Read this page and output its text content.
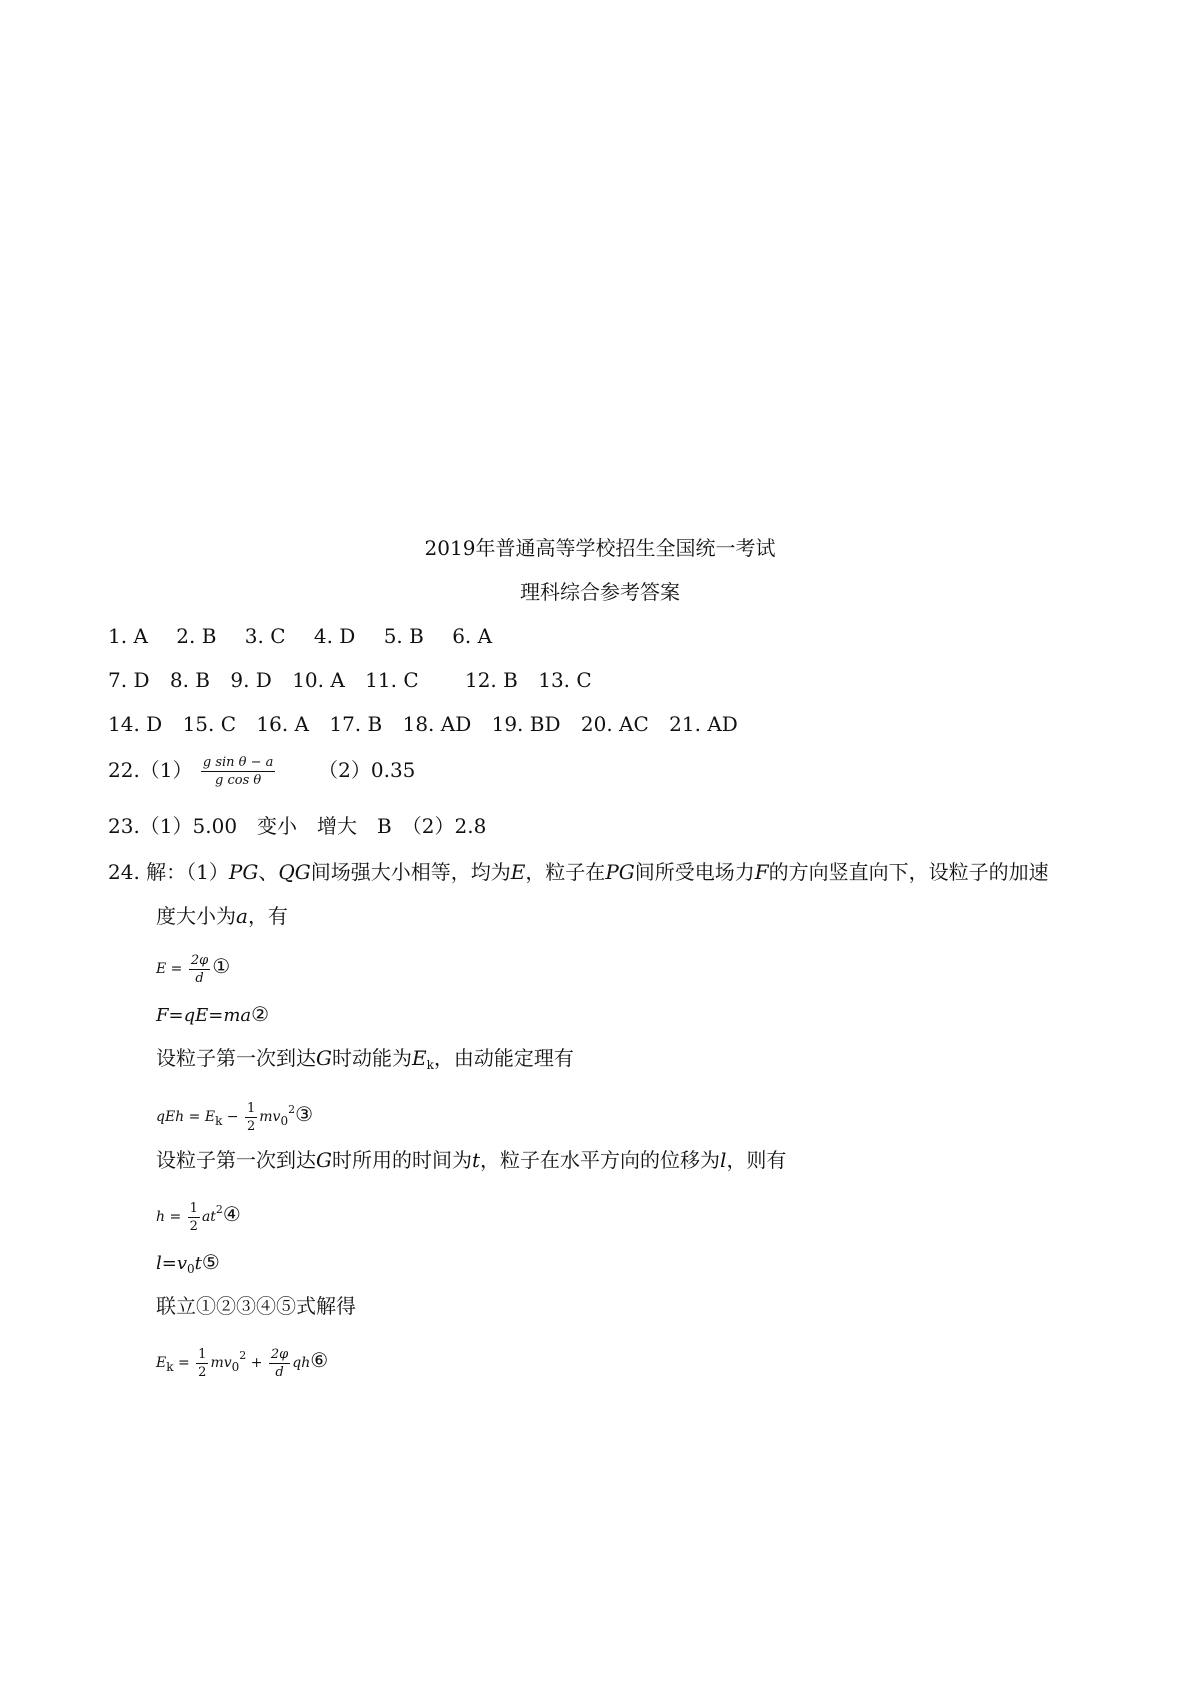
2019年普通高等学校招生全国统一考试
理科综合参考答案
1. A 2. B 3. C 4. D 5. B 6. A
7. D 8. B 9. D 10. A 11. C 12. B 13. C
14. D 15. C 16. A 17. B 18. AD 19. BD 20. AC 21. AD
$22.(1) \frac{\text{g sin θ − a}}{\text{g cos θ}} (2)0.35$
23.（1）5.00　变小　增大　B　（2）2.8
24. 解：（1）PG、QG间场强大小相等，均为E，粒子在PG间所受电场力F的方向竖直向下，设粒子的加速
度大小为a，有
$E = \frac{2\varphi}{d}$ ①
F=qE=ma②
设粒子第一次到达G时动能为$E_k$，由动能定理有
qEh = $Ek - \frac{1}{2}$ $mv0^2③$
设粒子第一次到达G时所用的时间为t，粒子在水平方向的位移为l，则有
$h = \frac{1}{2}$ $at^2④$
l=v0t⑤
联立①②③④⑤式解得
$Ek = \frac{1}{2} mv0^2 + \frac{2\varphi}{d}$ qh⑥
